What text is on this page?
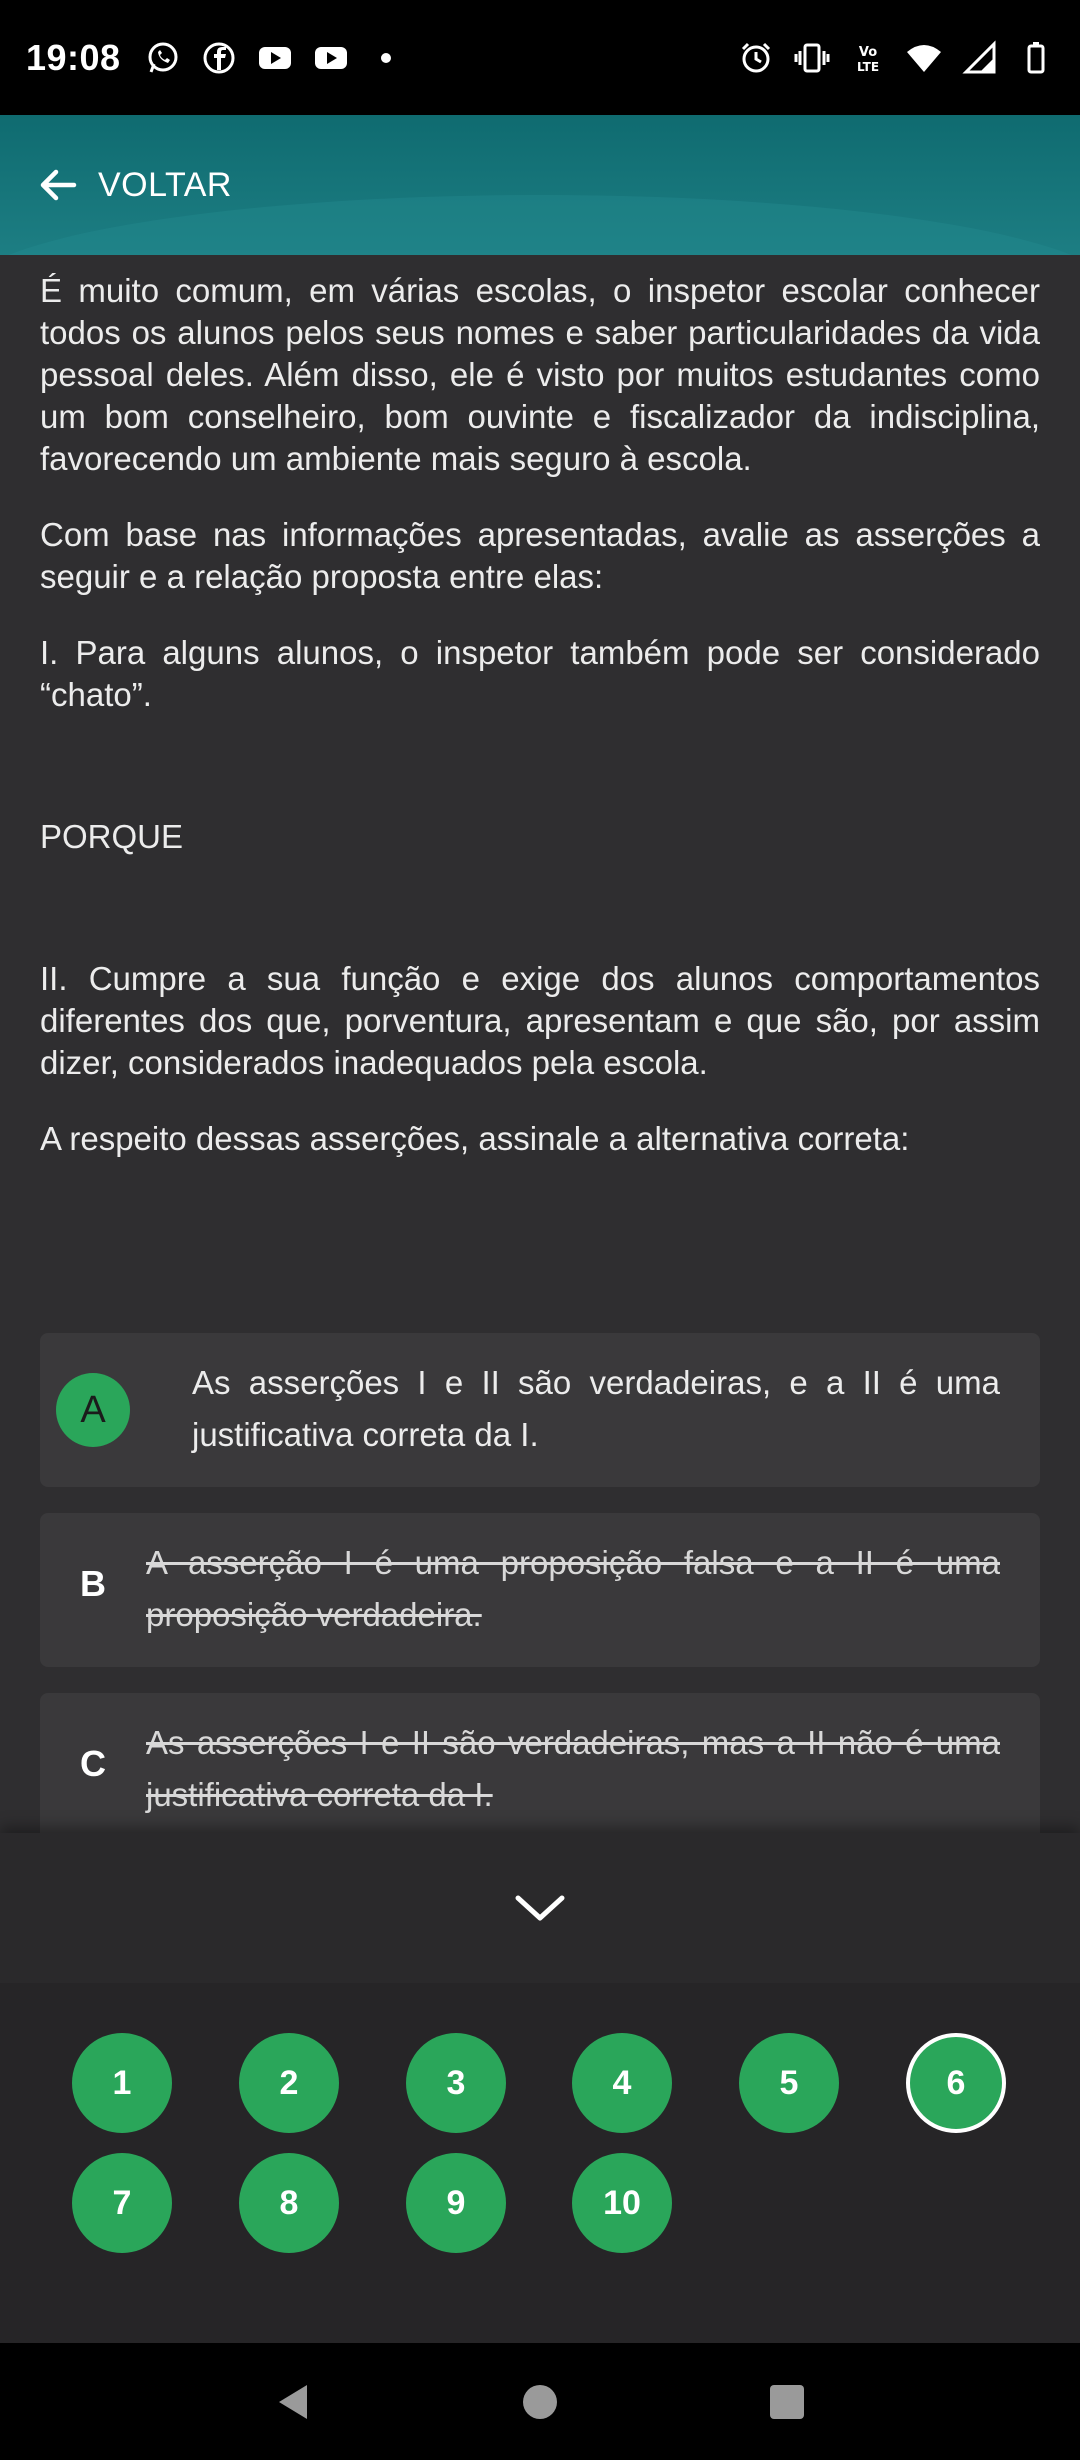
19:08	Vo
LTE
VOLTAR

É muito comum, em várias escolas, o inspetor escolar conhecer todos os alunos pelos seus nomes e saber particularidades da vida pessoal deles. Além disso, ele é visto por muitos estudantes como um bom conselheiro, bom ouvinte e fiscalizador da indisciplina, favorecendo um ambiente mais seguro à escola.

Com base nas informações apresentadas, avalie as asserções a seguir e a relação proposta entre elas:

I. Para alguns alunos, o inspetor também pode ser considerado “chato”.

PORQUE

II. Cumpre a sua função e exige dos alunos comportamentos diferentes dos que, porventura, apresentam e que são, por assim dizer, considerados inadequados pela escola.

A respeito dessas asserções, assinale a alternativa correta:

A
As asserções I e II são verdadeiras, e a II é uma justificativa correta da I.
B
A asserção I é uma proposição falsa e a II é uma proposição verdadeira.
C
As asserções I e II são verdadeiras, mas a II não é uma justificativa correta da I.
1	2	3	4	5	6
7	8	9	10
